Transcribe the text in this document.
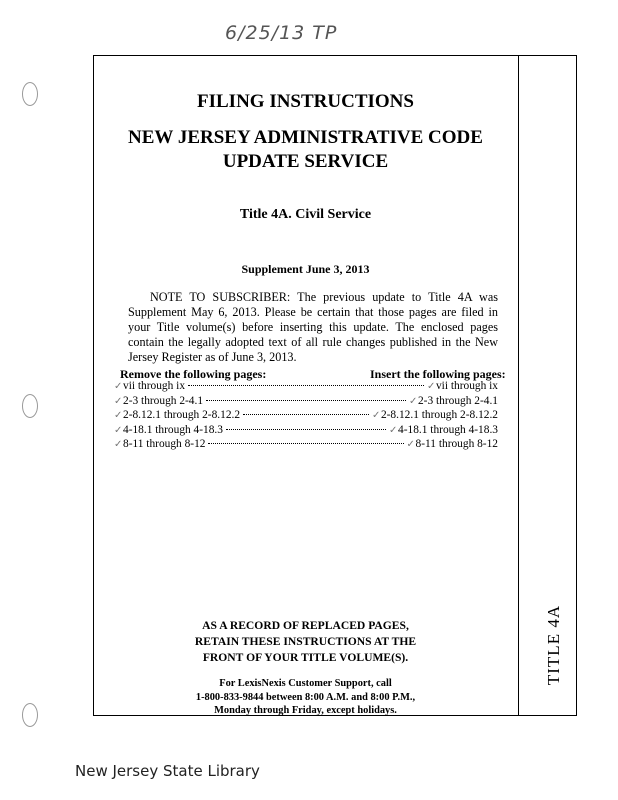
6/25/13 TP
TITLE 4A
FILING INSTRUCTIONS
NEW JERSEY ADMINISTRATIVE CODE
UPDATE SERVICE
Title 4A. Civil Service
Supplement June 3, 2013
NOTE TO SUBSCRIBER: The previous update to Title 4A was Supplement May 6, 2013. Please be certain that those pages are filed in your Title volume(s) before inserting this update. The enclosed pages contain the legally adopted text of all rule changes published in the New Jersey Register as of June 3, 2013.
Remove the following pages:	Insert the following pages:
✓ vii through ix	✓ vii through ix
✓ 2-3 through 2-4.1	✓ 2-3 through 2-4.1
✓ 2-8.12.1 through 2-8.12.2	✓ 2-8.12.1 through 2-8.12.2
✓ 4-18.1 through 4-18.3	✓ 4-18.1 through 4-18.3
✓ 8-11 through 8-12	✓ 8-11 through 8-12
AS A RECORD OF REPLACED PAGES,
RETAIN THESE INSTRUCTIONS AT THE
FRONT OF YOUR TITLE VOLUME(S).
For LexisNexis Customer Support, call
1-800-833-9844 between 8:00 A.M. and 8:00 P.M.,
Monday through Friday, except holidays.
New Jersey State Library
